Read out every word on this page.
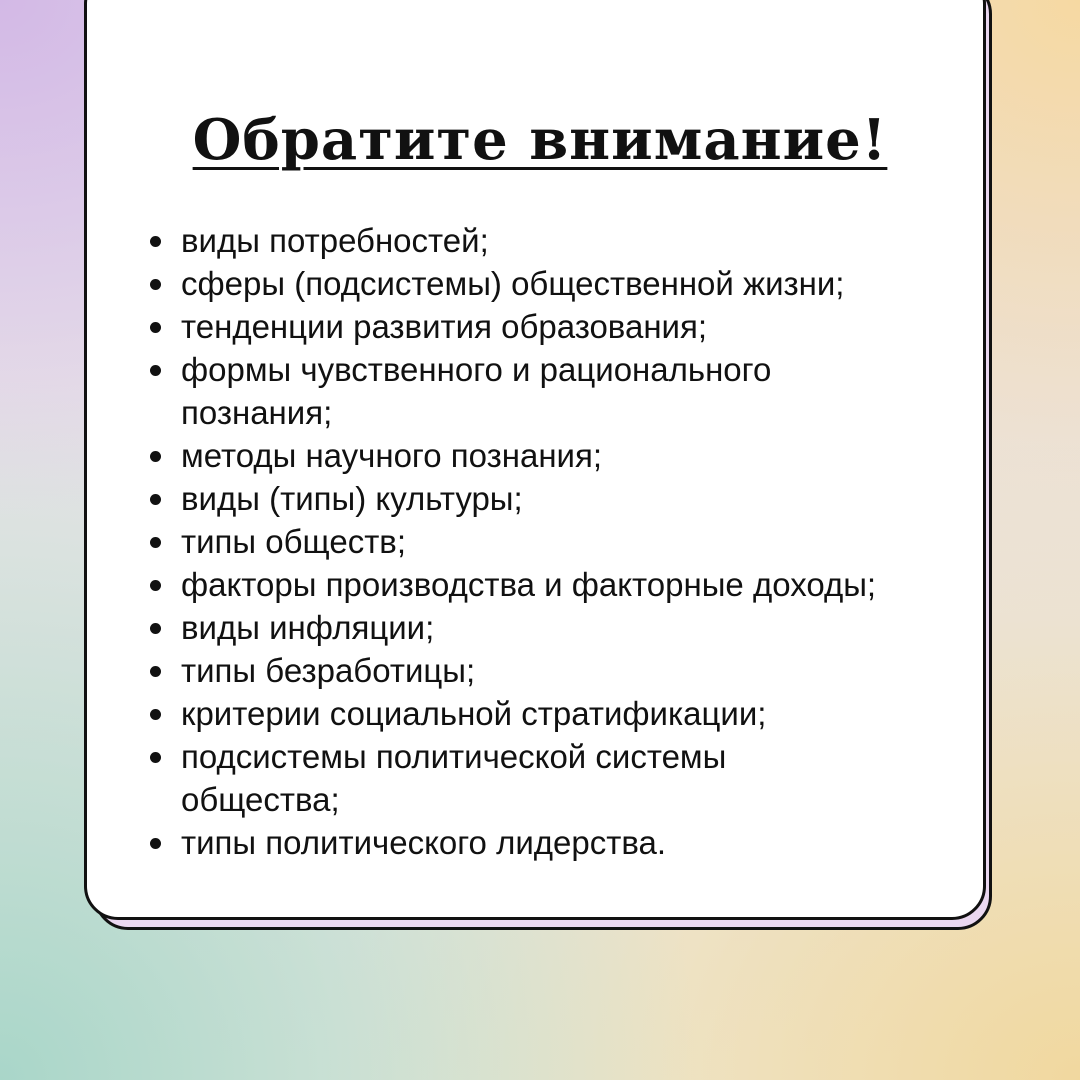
Обратите внимание!
виды потребностей;
сферы (подсистемы) общественной жизни;
тенденции развития образования;
формы чувственного и рационального
познания;
методы научного познания;
виды (типы) культуры;
типы обществ;
факторы производства и факторные доходы;
виды инфляции;
типы безработицы;
критерии социальной стратификации;
подсистемы политической системы
общества;
типы политического лидерства.
